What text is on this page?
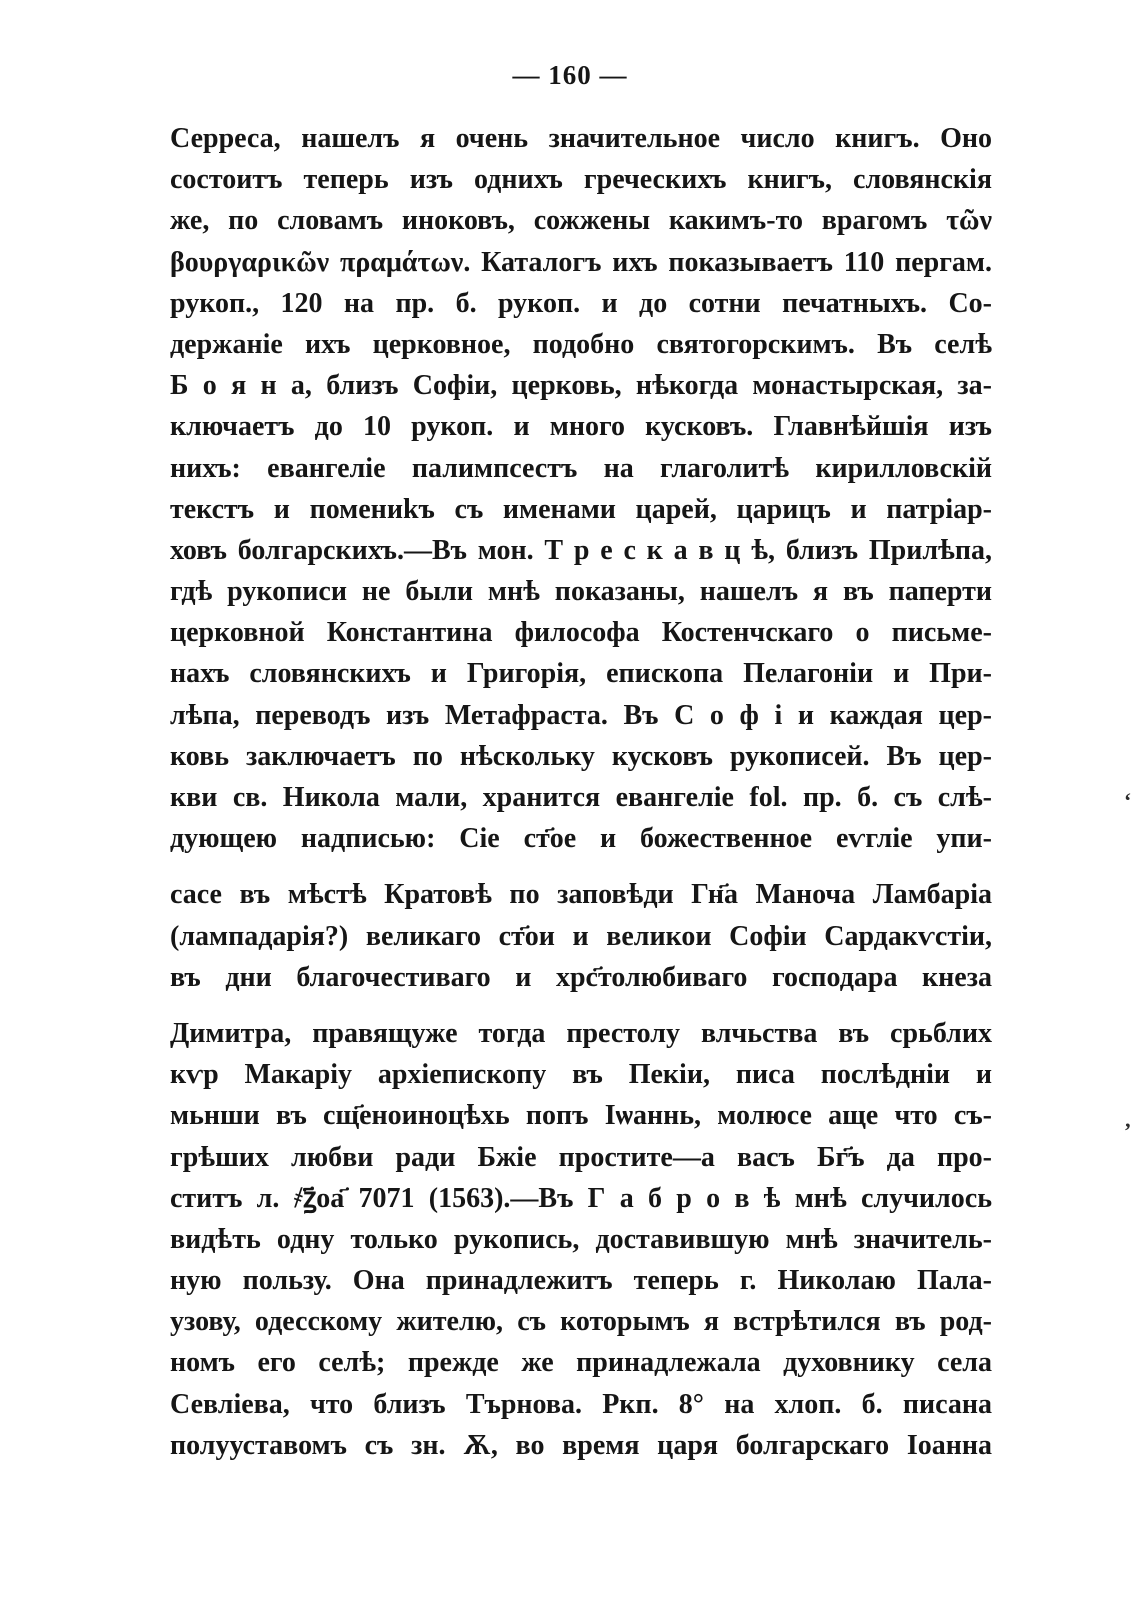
— 160 —
Серреса, нашелъ я очень значительное число книгъ. Оно
состоитъ теперь изъ однихъ греческихъ книгъ, словянскія
же, по словамъ иноковъ, сожжены какимъ-то врагомъ τῶν
βουργαρικῶν πραμάτων. Каталогъ ихъ показываетъ 110 пергам.
рукоп., 120 на пр. б. рукоп. и до сотни печатныхъ. Со-
держаніе ихъ церковное, подобно святогорскимъ. Въ селѣ
Б о я н а, близъ Софіи, церковь, нѣкогда монастырская, за-
ключаетъ до 10 рукоп. и много кусковъ. Главнѣйшія изъ
нихъ: евангеліе палимпсестъ на глаголитѣ кирилловскій
текстъ и помениkъ съ именами царей, царицъ и патріар-
ховъ болгарскихъ.—Въ мон. Т р е с к а в ц ѣ, близъ Прилѣпа,
гдѣ рукописи не были мнѣ показаны, нашелъ я въ паперти
церковной Константина философа Костенчскаго о письме-
нахъ словянскихъ и Григорія, епископа Пелагоніи и При-
лѣпа, переводъ изъ Метафраста. Въ С о ф і и каждая цер-
ковь заключаетъ по нѣскольку кусковъ рукописей. Въ цер-
кви св. Никола мали, хранится евангеліе fol. пр. б. съ слѣ-
дующею надписью: Сіе ст҃ое и божественное еѵгліе упи-
сасе въ мѣстѣ Кратовѣ по заповѣди Гн҃а Маноча Ламбаріа
(лампадарія?) великаго ст҃ои и великои Софіи Сардакѵстіи,
въ дни благочестиваго и хрс҃толюбиваго господара кнеза
Димитра, правящуже тогда престолу влчьства въ срьблих
кѵр Макаріу архіепископу въ Пекіи, писа послѣдніи и
мьнши въ сщ҃еноиноцѣхь попъ Іѡаннь, молюсе аще что съ-
грѣших любви ради Бжіе простите—а васъ Бг҃ъ да про-
ститъ л. ҂ꙁ҃оа҃ 7071 (1563).—Въ Г а б р о в ѣ мнѣ случилось
видѣть одну только рукопись, доставившую мнѣ значитель-
ную пользу. Она принадлежитъ теперь г. Николаю Пала-
узову, одесскому жителю, съ которымъ я встрѣтился въ род-
номъ его селѣ; прежде же принадлежала духовнику села
Севліева, что близъ Търнова. Ркп. 8° на хлоп. б. писана
полууставомъ съ зн. Ѫ, во время царя болгарскаго Іоанна
‘
’
